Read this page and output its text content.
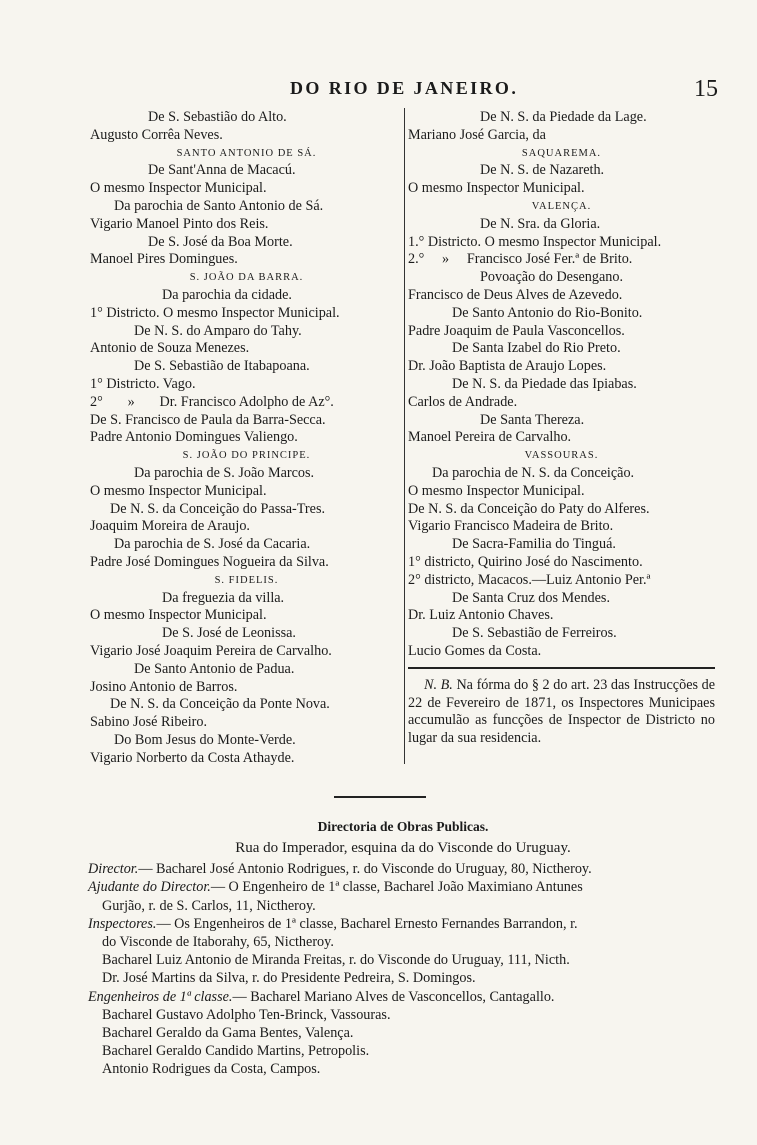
DO RIO DE JANEIRO.	15
De S. Sebastião do Alto.
Augusto Corrêa Neves.
SANTO ANTONIO DE SÁ.
De Sant'Anna de Macacú.
O mesmo Inspector Municipal.
Da parochia de Santo Antonio de Sá.
Vigario Manoel Pinto dos Reis.
De S. José da Boa Morte.
Manoel Pires Domingues.
S. JOÃO DA BARRA.
Da parochia da cidade.
1° Districto. O mesmo Inspector Municipal.
De N. S. do Amparo do Tahy.
Antonio de Souza Menezes.
De S. Sebastião de Itabapoana.
1° Districto. Vago.
2°       »       Dr. Francisco Adolpho de Az°.
De S. Francisco de Paula da Barra-Secca.
Padre Antonio Domingues Valiengo.
S. JOÃO DO PRINCIPE.
Da parochia de S. João Marcos.
O mesmo Inspector Municipal.
De N. S. da Conceição do Passa-Tres.
Joaquim Moreira de Araujo.
Da parochia de S. José da Cacaria.
Padre José Domingues Nogueira da Silva.
S. FIDELIS.
Da freguezia da villa.
O mesmo Inspector Municipal.
De S. José de Leonissa.
Vigario José Joaquim Pereira de Carvalho.
De Santo Antonio de Padua.
Josino Antonio de Barros.
De N. S. da Conceição da Ponte Nova.
Sabino José Ribeiro.
Do Bom Jesus do Monte-Verde.
Vigario Norberto da Costa Athayde.
De N. S. da Piedade da Lage.
Mariano José Garcia, da
SAQUAREMA.
De N. S. de Nazareth.
O mesmo Inspector Municipal.
VALENÇA.
De N. Sra. da Gloria.
1.° Districto. O mesmo Inspector Municipal.
2.°     »     Francisco José Fer.ª de Brito.
Povoação do Desengano.
Francisco de Deus Alves de Azevedo.
De Santo Antonio do Rio-Bonito.
Padre Joaquim de Paula Vasconcellos.
De Santa Izabel do Rio Preto.
Dr. João Baptista de Araujo Lopes.
De N. S. da Piedade das Ipiabas.
Carlos de Andrade.
De Santa Thereza.
Manoel Pereira de Carvalho.
VASSOURAS.
Da parochia de N. S. da Conceição.
O mesmo Inspector Municipal.
De N. S. da Conceição do Paty do Alferes.
Vigario Francisco Madeira de Brito.
De Sacra-Familia do Tinguá.
1° districto, Quirino José do Nascimento.
2° districto, Macacos.—Luiz Antonio Per.ª
De Santa Cruz dos Mendes.
Dr. Luiz Antonio Chaves.
De S. Sebastião de Ferreiros.
Lucio Gomes da Costa.
N. B. Na fórma do § 2 do art. 23 das Instrucções de 22 de Fevereiro de 1871, os Inspectores Municipaes accumulão as funcções de Inspector de Districto no lugar da sua residencia.
Directoria de Obras Publicas.
Rua do Imperador, esquina da do Visconde do Uruguay.
Director.— Bacharel José Antonio Rodrigues, r. do Visconde do Uruguay, 80, Nictheroy.
Ajudante do Director.— O Engenheiro de 1ª classe, Bacharel João Maximiano Antunes
Gurjão, r. de S. Carlos, 11, Nictheroy.
Inspectores.— Os Engenheiros de 1ª classe, Bacharel Ernesto Fernandes Barrandon, r.
do Visconde de Itaborahy, 65, Nictheroy.
Bacharel Luiz Antonio de Miranda Freitas, r. do Visconde do Uruguay, 111, Nicth.
Dr. José Martins da Silva, r. do Presidente Pedreira, S. Domingos.
Engenheiros de 1ª classe.— Bacharel Mariano Alves de Vasconcellos, Cantagallo.
Bacharel Gustavo Adolpho Ten-Brinck, Vassouras.
Bacharel Geraldo da Gama Bentes, Valença.
Bacharel Geraldo Candido Martins, Petropolis.
Antonio Rodrigues da Costa, Campos.
